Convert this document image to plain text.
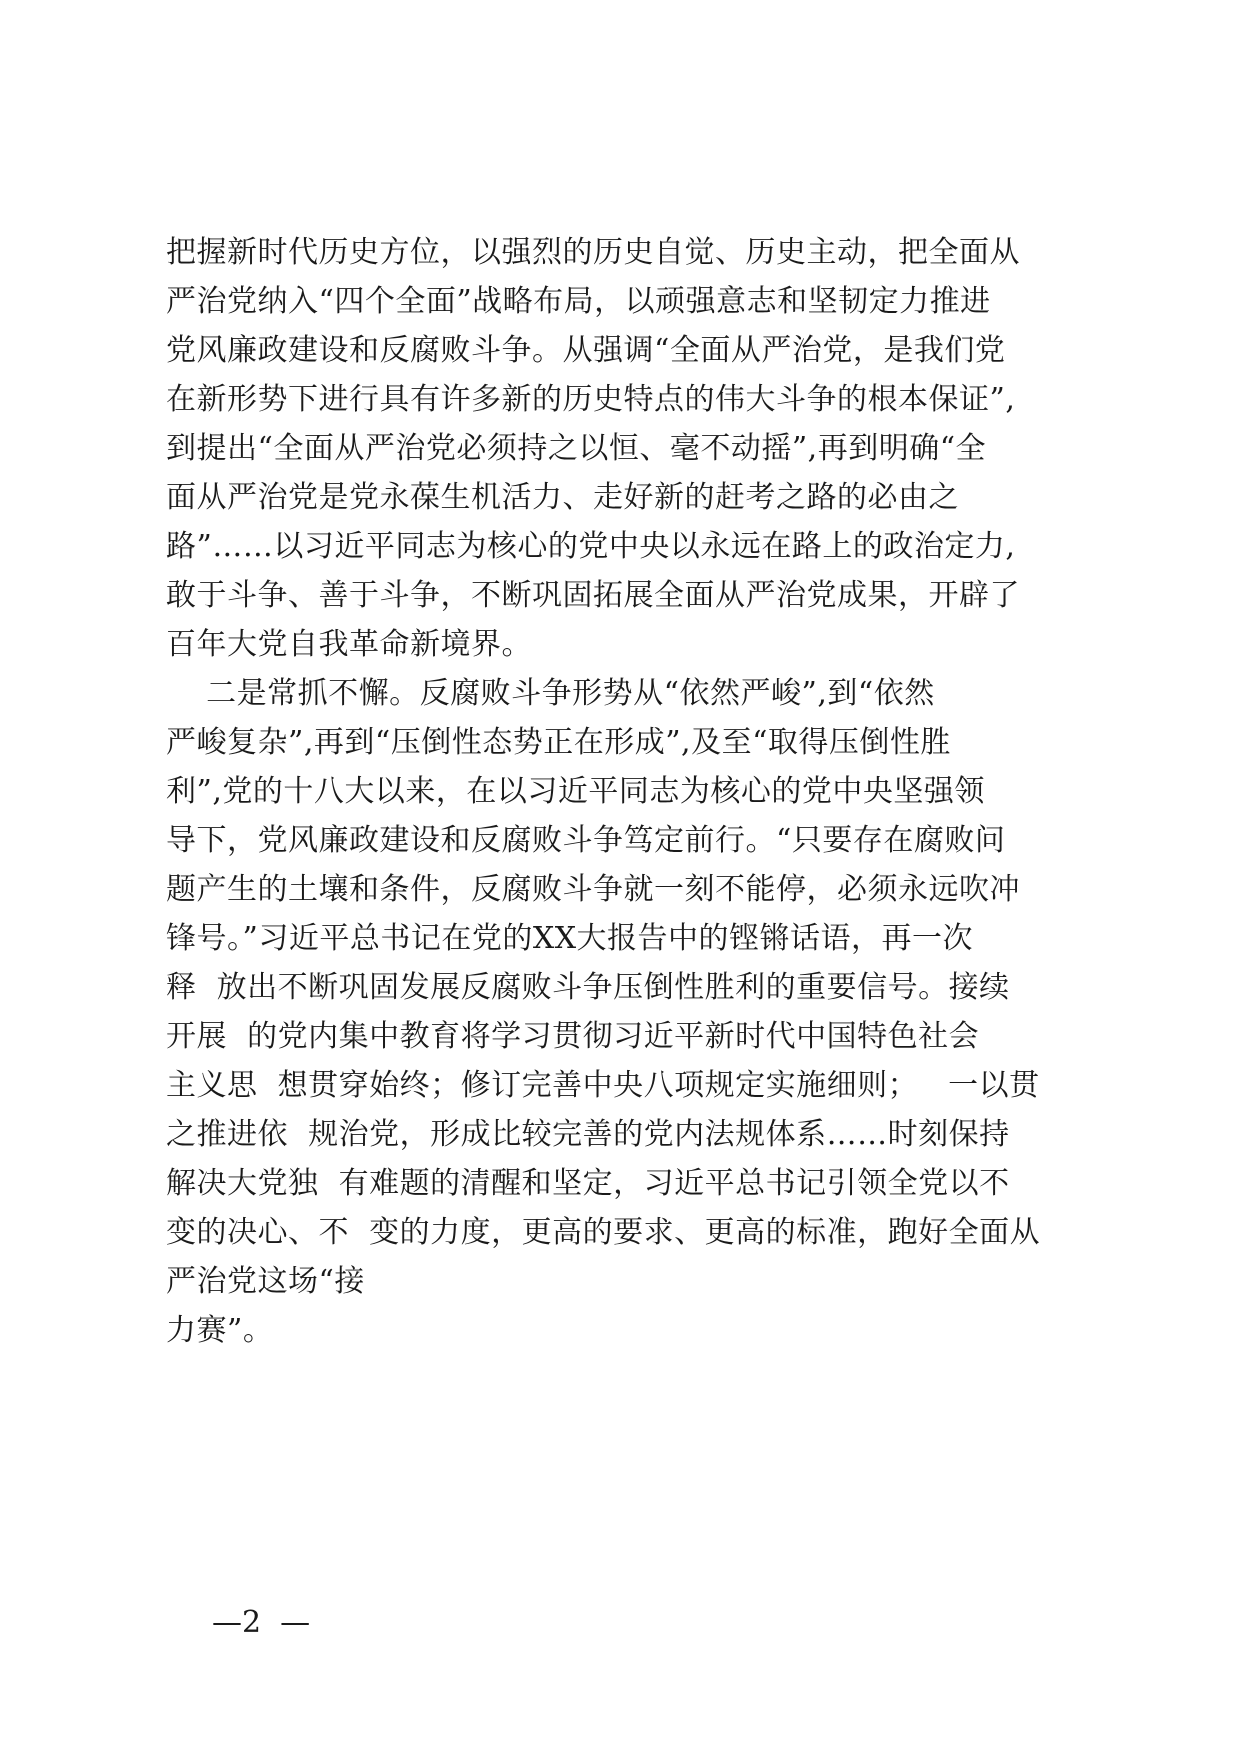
把握新时代历史方位，以强烈的历史自觉、历史主动，把全面从
严治党纳入“四个全面”战略布局，以顽强意志和坚韧定力推进
党风廉政建设和反腐败斗争。从强调“全面从严治党，是我们党
在新形势下进行具有许多新的历史特点的伟大斗争的根本保证”,
到提出“全面从严治党必须持之以恒、毫不动摇”,再到明确“全
面从严治党是党永葆生机活力、走好新的赶考之路的必由之
路”……以习近平同志为核心的党中央以永远在路上的政治定力,
敢于斗争、善于斗争，不断巩固拓展全面从严治党成果，开辟了
百年大党自我革命新境界。
二是常抓不懈。反腐败斗争形势从“依然严峻”,到“依然
严峻复杂”,再到“压倒性态势正在形成”,及至“取得压倒性胜
利”,党的十八大以来，在以习近平同志为核心的党中央坚强领
导下，党风廉政建设和反腐败斗争笃定前行。“只要存在腐败问
题产生的土壤和条件，反腐败斗争就一刻不能停，必须永远吹冲
锋号。”习近平总书记在党的XX大报告中的铿锵话语，再一次
释  放出不断巩固发展反腐败斗争压倒性胜利的重要信号。接续
开展  的党内集中教育将学习贯彻习近平新时代中国特色社会
主义思  想贯穿始终；修订完善中央八项规定实施细则；   一以贯
之推进依  规治党，形成比较完善的党内法规体系……时刻保持
解决大党独  有难题的清醒和坚定，习近平总书记引领全党以不
变的决心、不  变的力度，更高的要求、更高的标准，跑好全面从
严治党这场“接
力赛”。
—2  —
